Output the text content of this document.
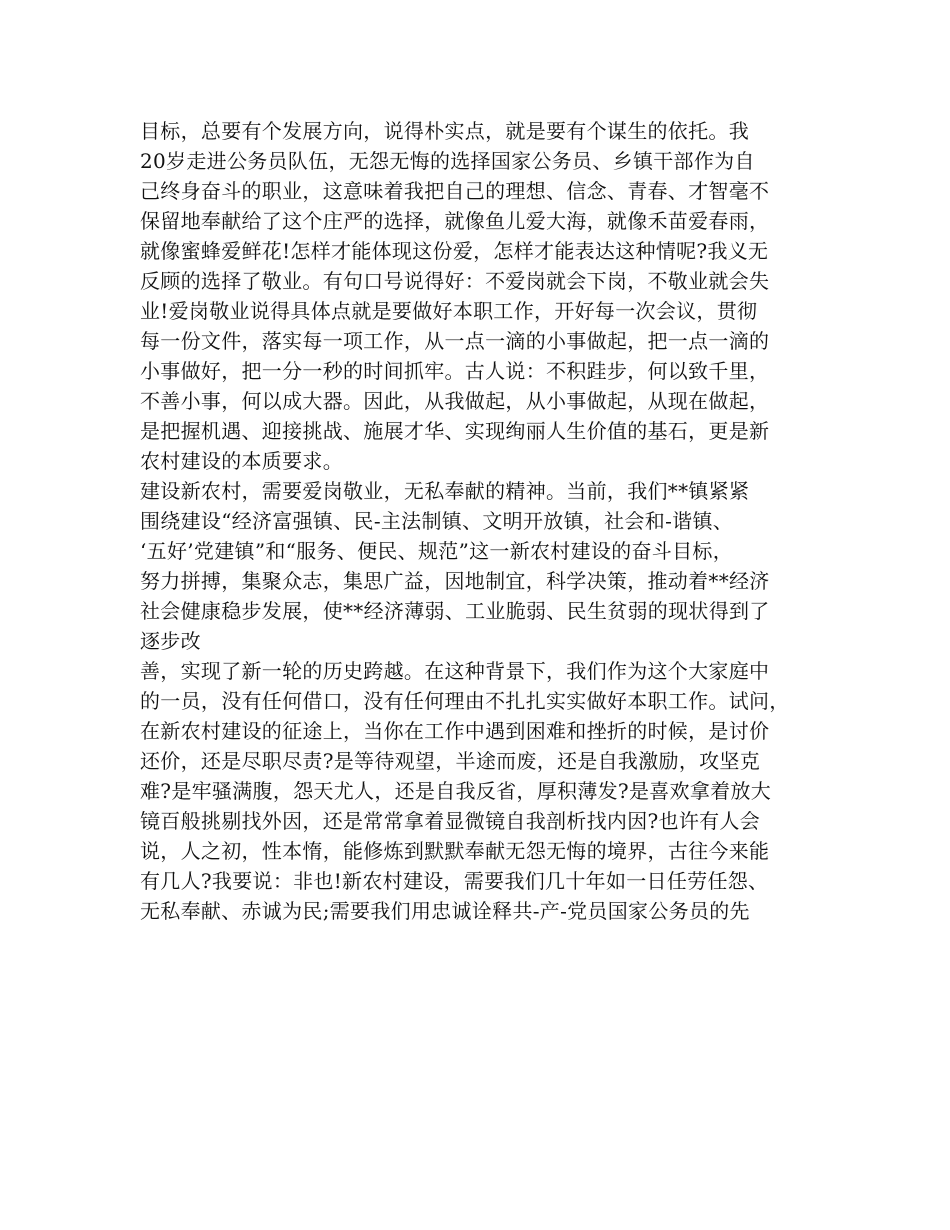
目标，总要有个发展方向，说得朴实点，就是要有个谋生的依托。我
20岁走进公务员队伍，无怨无悔的选择国家公务员、乡镇干部作为自
己终身奋斗的职业，这意味着我把自己的理想、信念、青春、才智毫不
保留地奉献给了这个庄严的选择，就像鱼儿爱大海，就像禾苗爱春雨，
就像蜜蜂爱鲜花!怎样才能体现这份爱，怎样才能表达这种情呢?我义无
反顾的选择了敬业。有句口号说得好：不爱岗就会下岗，不敬业就会失
业!爱岗敬业说得具体点就是要做好本职工作，开好每一次会议，贯彻
每一份文件，落实每一项工作，从一点一滴的小事做起，把一点一滴的
小事做好，把一分一秒的时间抓牢。古人说：不积跬步，何以致千里，
不善小事，何以成大器。因此，从我做起，从小事做起，从现在做起，
是把握机遇、迎接挑战、施展才华、实现绚丽人生价值的基石，更是新
农村建设的本质要求。
建设新农村，需要爱岗敬业，无私奉献的精神。当前，我们**镇紧紧
围绕建设“经济富强镇、民-主法制镇、文明开放镇，社会和-谐镇、
‘五好’党建镇”和“服务、便民、规范”这一新农村建设的奋斗目标，
努力拼搏，集聚众志，集思广益，因地制宜，科学决策，推动着**经济
社会健康稳步发展，使**经济薄弱、工业脆弱、民生贫弱的现状得到了
逐步改
善，实现了新一轮的历史跨越。在这种背景下，我们作为这个大家庭中
的一员，没有任何借口，没有任何理由不扎扎实实做好本职工作。试问，
在新农村建设的征途上，当你在工作中遇到困难和挫折的时候，是讨价
还价，还是尽职尽责?是等待观望，半途而废，还是自我激励，攻坚克
难?是牢骚满腹，怨天尤人，还是自我反省，厚积薄发?是喜欢拿着放大
镜百般挑剔找外因，还是常常拿着显微镜自我剖析找内因?也许有人会
说，人之初，性本惰，能修炼到默默奉献无怨无悔的境界，古往今来能
有几人?我要说：非也!新农村建设，需要我们几十年如一日任劳任怨、
无私奉献、赤诚为民;需要我们用忠诚诠释共-产-党员国家公务员的先
